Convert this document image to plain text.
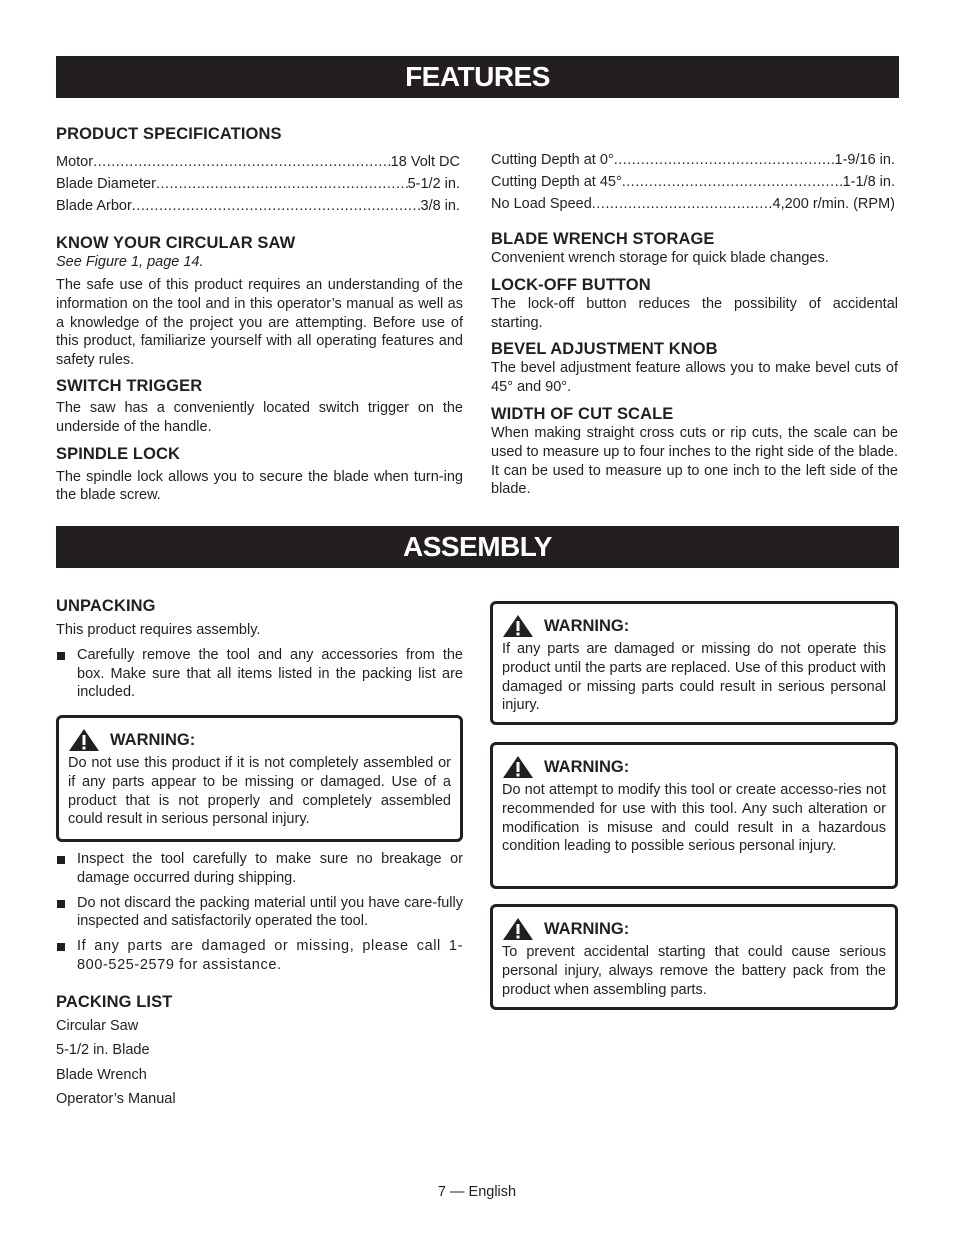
FEATURES
PRODUCT SPECIFICATIONS
Motor .....	18 Volt DC
Blade Diameter .....	5-1/2 in.
Blade Arbor .....	3/8 in.
KNOW YOUR CIRCULAR SAW
See Figure 1, page 14.
The safe use of this product requires an understanding of the information on the tool and in this operator’s manual as well as a knowledge of the project you are attempting. Before use of this product, familiarize yourself with all operating features and safety rules.
SWITCH TRIGGER
The saw has a conveniently located switch trigger on the underside of the handle.
SPINDLE LOCK
The spindle lock allows you to secure the blade when turn-ing the blade screw.
Cutting Depth at 0° .....	1-9/16 in.
Cutting Depth at 45° .....	1-1/8 in.
No Load Speed .....	4,200 r/min. (RPM)
BLADE WRENCH STORAGE
Convenient wrench storage for quick blade changes.
LOCK-OFF BUTTON
The lock-off button reduces the possibility of accidental starting.
BEVEL ADJUSTMENT KNOB
The bevel adjustment feature allows you to make bevel cuts of 45° and 90°.
WIDTH OF CUT SCALE
When making straight cross cuts or rip cuts, the scale can be used to measure up to four inches to the right side of the blade. It can be used to measure up to one inch to the left side of the blade.
ASSEMBLY
UNPACKING
This product requires assembly.
Carefully remove the tool and any accessories from the box. Make sure that all items listed in the packing list are included.
WARNING:
Do not use this product if it is not completely assembled or if any parts appear to be missing or damaged. Use of a product that is not properly and completely assembled could result in serious personal injury.
Inspect the tool carefully to make sure no breakage or damage occurred during shipping.
Do not discard the packing material until you have care-fully inspected and satisfactorily operated the tool.
If any parts are damaged or missing, please call 1-800-525-2579 for assistance.
PACKING LIST
Circular Saw
5-1/2 in. Blade
Blade Wrench
Operator’s Manual
WARNING:
If any parts are damaged or missing do not operate this product until the parts are replaced. Use of this product with damaged or missing parts could result in serious personal injury.
WARNING:
Do not attempt to modify this tool or create accesso-ries not recommended for use with this tool. Any such alteration or modification is misuse and could result in a hazardous condition leading to possible serious personal injury.
WARNING:
To prevent accidental starting that could cause serious personal injury, always remove the battery pack from the product when assembling parts.
7 — English
